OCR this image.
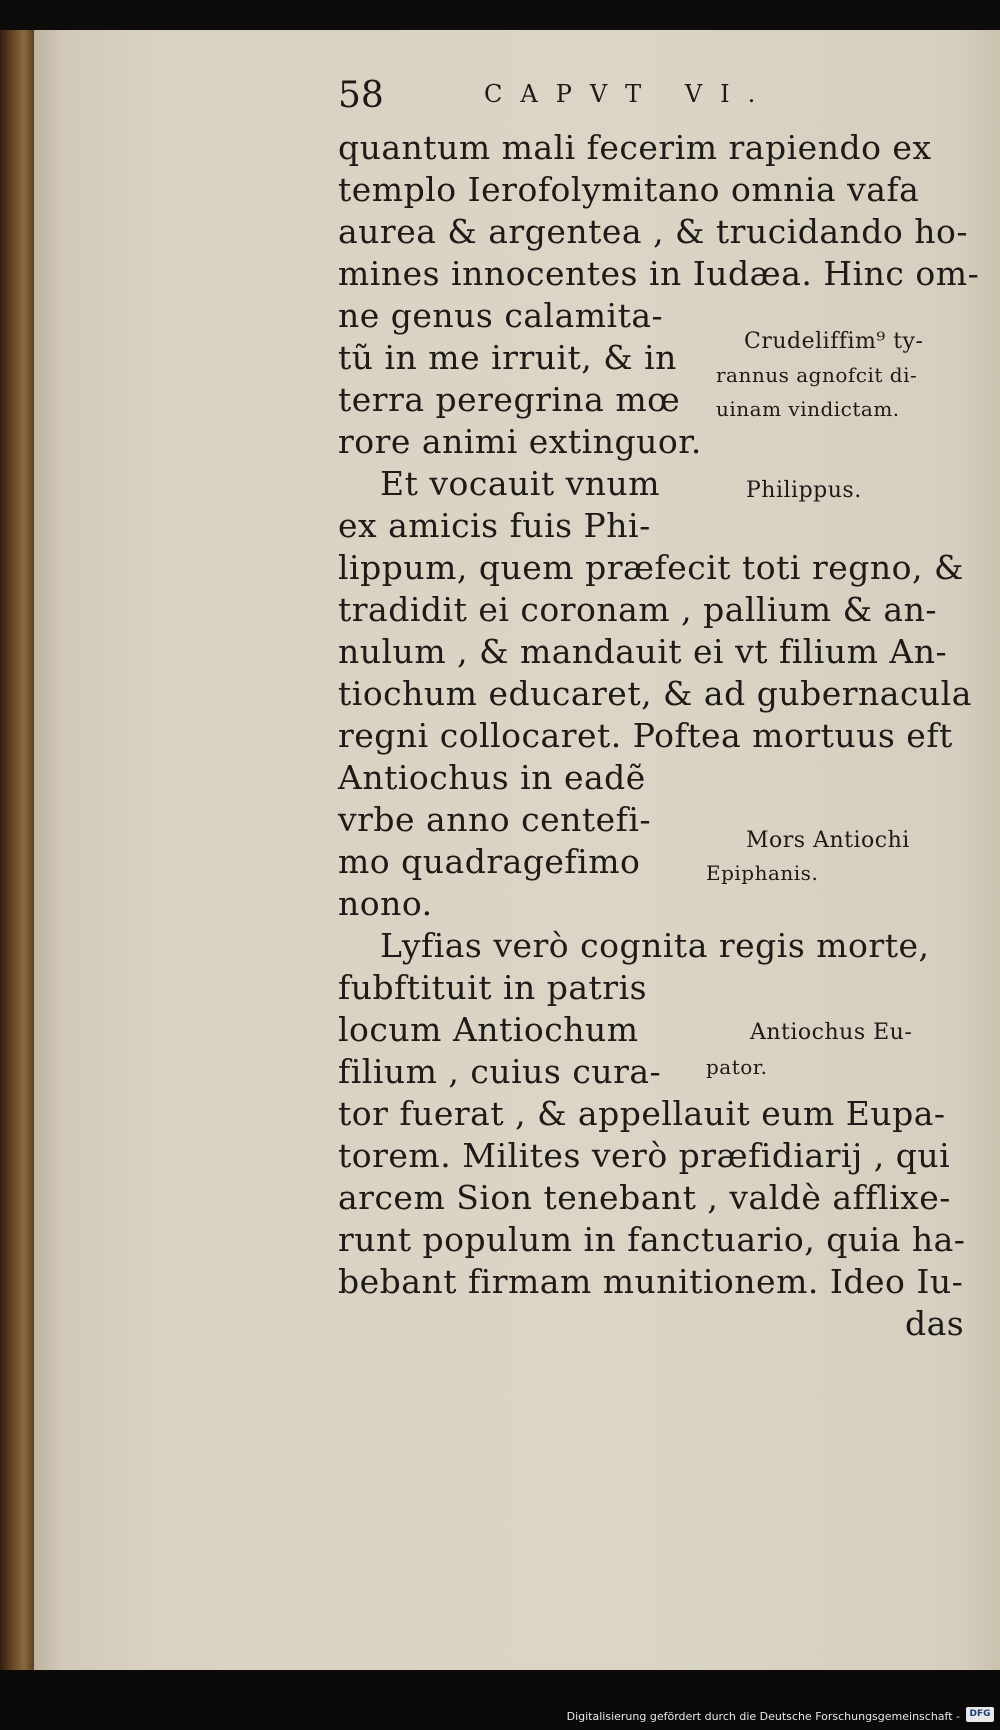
58	CAPVT VI.
quantum mali fecerim rapiendo ex
templo Ierofolymitano omnia vafa
aurea & argentea , & trucidando ho-
mines innocentes in Iudæa. Hinc om-
ne genus calamita-
tũ in me irruit, & in
terra peregrina mœ
rore animi extinguor.
Et vocauit vnum
ex amicis fuis Phi-
lippum, quem præfecit toti regno, &
tradidit ei coronam , pallium & an-
nulum , & mandauit ei vt filium An-
tiochum educaret, & ad gubernacula
regni collocaret. Poftea mortuus eft
Antiochus in eadẽ
vrbe anno centefi-
mo quadragefimo
nono.
Lyfias verò cognita regis morte,
fubftituit in patris
locum Antiochum
filium , cuius cura-
tor fuerat , & appellauit eum Eupa-
torem. Milites verò præfidiarij , qui
arcem Sion tenebant , valdè afflixe-
runt populum in fanctuario, quia ha-
bebant firmam munitionem. Ideo Iu-
das
Crudeliffim⁹ ty-
rannus agnofcit di-
uinam vindictam.
Philippus.
Mors Antiochi
Epiphanis.
Antiochus Eu-
pator.
Digitalisierung gefördert durch die Deutsche Forschungsgemeinschaft -	DFG
